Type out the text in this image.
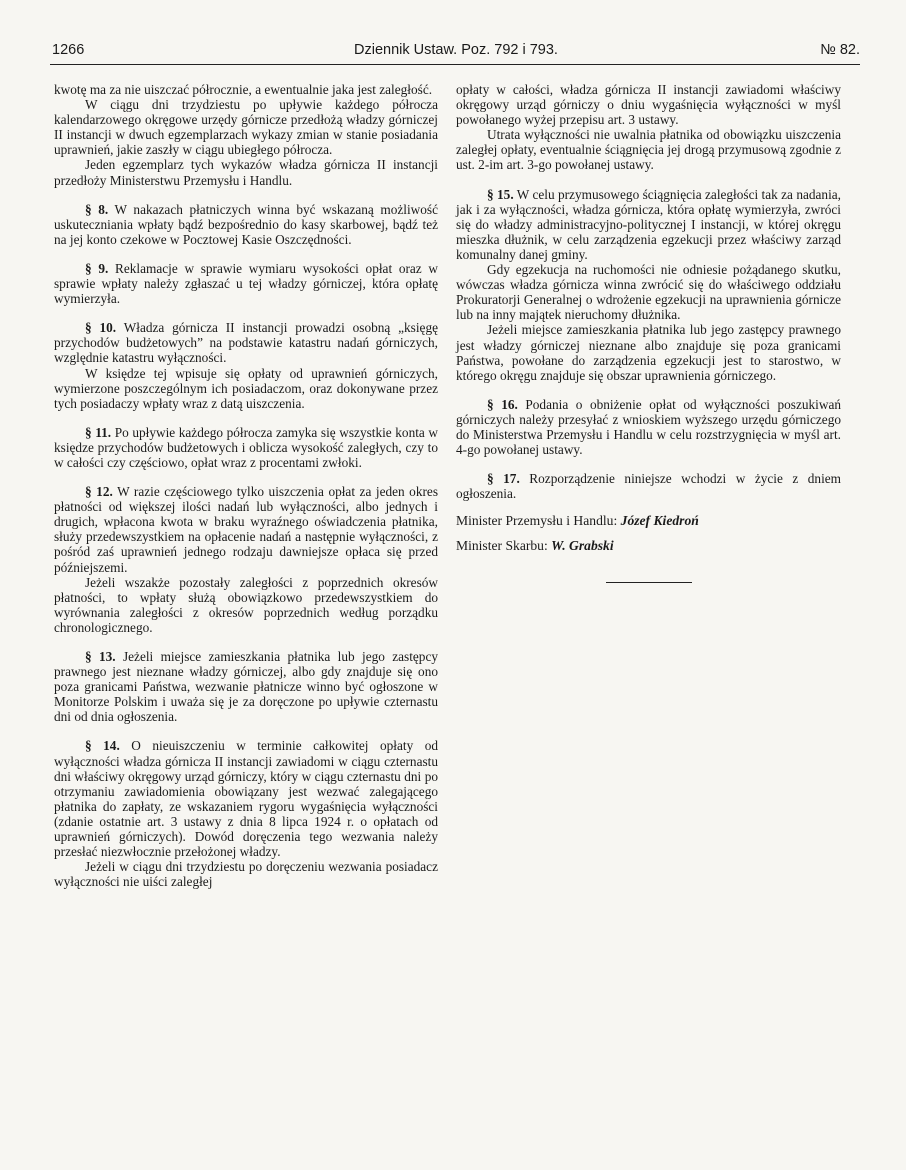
1266	Dziennik Ustaw. Poz. 792 i 793.	№ 82.

kwotę ma za nie uiszczać półrocznie, a ewentualnie jaka jest zaległość.

W ciągu dni trzydziestu po upływie każdego półrocza kalendarzowego okręgowe urzędy górnicze przedłożą władzy górniczej II instancji w dwuch egzemplarzach wykazy zmian w stanie posiadania uprawnień, jakie zaszły w ciągu ubiegłego półrocza.

Jeden egzemplarz tych wykazów władza górnicza II instancji przedłoży Ministerstwu Przemysłu i Handlu.

§ 8. W nakazach płatniczych winna być wskazaną możliwość uskuteczniania wpłaty bądź bezpośrednio do kasy skarbowej, bądź też na jej konto czekowe w Pocztowej Kasie Oszczędności.

§ 9. Reklamacje w sprawie wymiaru wysokości opłat oraz w sprawie wpłaty należy zgłaszać u tej władzy górniczej, która opłatę wymierzyła.

§ 10. Władza górnicza II instancji prowadzi osobną „księgę przychodów budżetowych” na podstawie katastru nadań górniczych, względnie katastru wyłączności.

W księdze tej wpisuje się opłaty od uprawnień górniczych, wymierzone poszczególnym ich posiadaczom, oraz dokonywane przez tych posiadaczy wpłaty wraz z datą uiszczenia.

§ 11. Po upływie każdego półrocza zamyka się wszystkie konta w księdze przychodów budżetowych i oblicza wysokość zaległych, czy to w całości czy częściowo, opłat wraz z procentami zwłoki.

§ 12. W razie częściowego tylko uiszczenia opłat za jeden okres płatności od większej ilości nadań lub wyłączności, albo jednych i drugich, wpłacona kwota w braku wyraźnego oświadczenia płatnika, służy przedewszystkiem na opłacenie nadań a następnie wyłączności, z pośród zaś uprawnień jednego rodzaju dawniejsze opłaca się przed późniejszemi.

Jeżeli wszakże pozostały zaległości z poprzednich okresów płatności, to wpłaty służą obowiązkowo przedewszystkiem do wyrównania zaległości z okresów poprzednich według porządku chronologicznego.

§ 13. Jeżeli miejsce zamieszkania płatnika lub jego zastępcy prawnego jest nieznane władzy górniczej, albo gdy znajduje się ono poza granicami Państwa, wezwanie płatnicze winno być ogłoszone w Monitorze Polskim i uważa się je za doręczone po upływie czternastu dni od dnia ogłoszenia.

§ 14. O nieuiszczeniu w terminie całkowitej opłaty od wyłączności władza górnicza II instancji zawiadomi w ciągu czternastu dni właściwy okręgowy urząd górniczy, który w ciągu czternastu dni po otrzymaniu zawiadomienia obowiązany jest wezwać zalegającego płatnika do zapłaty, ze wskazaniem rygoru wygaśnięcia wyłączności (zdanie ostatnie art. 3 ustawy z dnia 8 lipca 1924 r. o opłatach od uprawnień górniczych). Dowód doręczenia tego wezwania należy przesłać niezwłocznie przełożonej władzy.

Jeżeli w ciągu dni trzydziestu po doręczeniu wezwania posiadacz wyłączności nie uiści zaległej

opłaty w całości, władza górnicza II instancji zawiadomi właściwy okręgowy urząd górniczy o dniu wygaśnięcia wyłączności w myśl powołanego wyżej przepisu art. 3 ustawy.

Utrata wyłączności nie uwalnia płatnika od obowiązku uiszczenia zaległej opłaty, eventualnie ściągnięcia jej drogą przymusową zgodnie z ust. 2-im art. 3-go powołanej ustawy.

§ 15. W celu przymusowego ściągnięcia zaległości tak za nadania, jak i za wyłączności, władza górnicza, która opłatę wymierzyła, zwróci się do władzy administracyjno-politycznej I instancji, w której okręgu mieszka dłużnik, w celu zarządzenia egzekucji przez właściwy zarząd komunalny danej gminy.

Gdy egzekucja na ruchomości nie odniesie pożądanego skutku, wówczas władza górnicza winna zwrócić się do właściwego oddziału Prokuratorji Generalnej o wdrożenie egzekucji na uprawnienia górnicze lub na inny majątek nieruchomy dłużnika.

Jeżeli miejsce zamieszkania płatnika lub jego zastępcy prawnego jest władzy górniczej nieznane albo znajduje się poza granicami Państwa, powołane do zarządzenia egzekucji jest to starostwo, w którego okręgu znajduje się obszar uprawnienia górniczego.

§ 16. Podania o obniżenie opłat od wyłączności poszukiwań górniczych należy przesyłać z wnioskiem wyższego urzędu górniczego do Ministerstwa Przemysłu i Handlu w celu rozstrzygnięcia w myśl art. 4-go powołanej ustawy.

§ 17. Rozporządzenie niniejsze wchodzi w życie z dniem ogłoszenia.

Minister Przemysłu i Handlu: Józef Kiedroń

Minister Skarbu: W. Grabski
